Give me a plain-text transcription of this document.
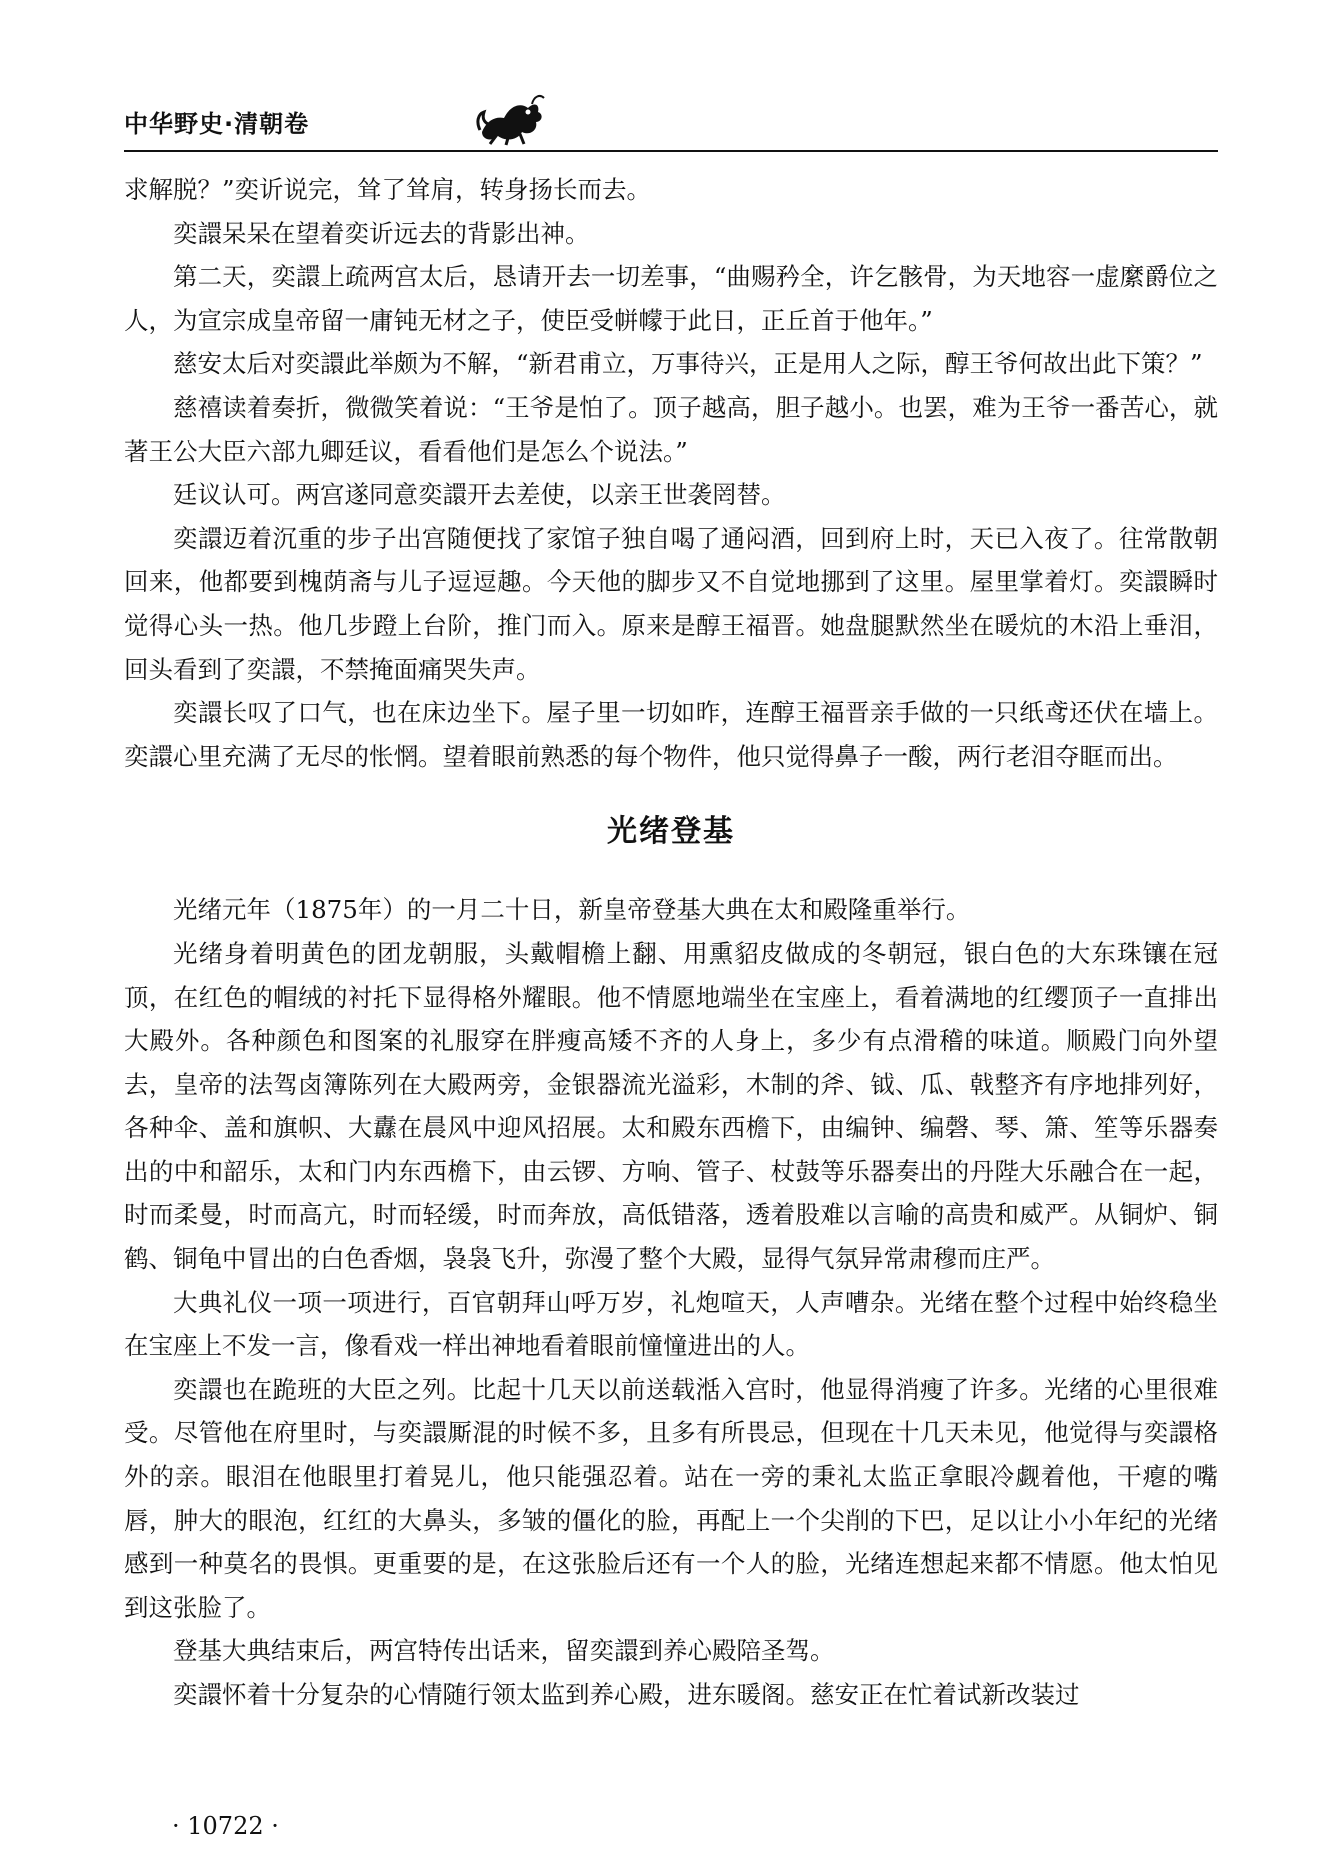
中华野史·清朝卷

求解脱？”奕䜣说完，耸了耸肩，转身扬长而去。

奕譞呆呆在望着奕䜣远去的背影出神。

第二天，奕譞上疏两宫太后，恳请开去一切差事，“曲赐矜全，许乞骸骨，为天地容一虚縻爵位之人，为宣宗成皇帝留一庸钝无材之子，使臣受帡幪于此日，正丘首于他年。”

慈安太后对奕譞此举颇为不解，“新君甫立，万事待兴，正是用人之际，醇王爷何故出此下策？”

慈禧读着奏折，微微笑着说：“王爷是怕了。顶子越高，胆子越小。也罢，难为王爷一番苦心，就著王公大臣六部九卿廷议，看看他们是怎么个说法。”

廷议认可。两宫遂同意奕譞开去差使，以亲王世袭罔替。

奕譞迈着沉重的步子出宫随便找了家馆子独自喝了通闷酒，回到府上时，天已入夜了。往常散朝回来，他都要到槐荫斋与儿子逗逗趣。今天他的脚步又不自觉地挪到了这里。屋里掌着灯。奕譞瞬时觉得心头一热。他几步蹬上台阶，推门而入。原来是醇王福晋。她盘腿默然坐在暖炕的木沿上垂泪，回头看到了奕譞，不禁掩面痛哭失声。

奕譞长叹了口气，也在床边坐下。屋子里一切如昨，连醇王福晋亲手做的一只纸鸢还伏在墙上。奕譞心里充满了无尽的怅惘。望着眼前熟悉的每个物件，他只觉得鼻子一酸，两行老泪夺眶而出。

光绪登基

光绪元年（1875年）的一月二十日，新皇帝登基大典在太和殿隆重举行。

光绪身着明黄色的团龙朝服，头戴帽檐上翻、用熏貂皮做成的冬朝冠，银白色的大东珠镶在冠顶，在红色的帽绒的衬托下显得格外耀眼。他不情愿地端坐在宝座上，看着满地的红缨顶子一直排出大殿外。各种颜色和图案的礼服穿在胖瘦高矮不齐的人身上，多少有点滑稽的味道。顺殿门向外望去，皇帝的法驾卤簿陈列在大殿两旁，金银器流光溢彩，木制的斧、钺、瓜、戟整齐有序地排列好，各种伞、盖和旗帜、大纛在晨风中迎风招展。太和殿东西檐下，由编钟、编磬、琴、箫、笙等乐器奏出的中和韶乐，太和门内东西檐下，由云锣、方响、管子、杖鼓等乐器奏出的丹陛大乐融合在一起，时而柔曼，时而高亢，时而轻缓，时而奔放，高低错落，透着股难以言喻的高贵和威严。从铜炉、铜鹤、铜龟中冒出的白色香烟，袅袅飞升，弥漫了整个大殿，显得气氛异常肃穆而庄严。

大典礼仪一项一项进行，百官朝拜山呼万岁，礼炮喧天，人声嘈杂。光绪在整个过程中始终稳坐在宝座上不发一言，像看戏一样出神地看着眼前憧憧进出的人。

奕譞也在跪班的大臣之列。比起十几天以前送载湉入宫时，他显得消瘦了许多。光绪的心里很难受。尽管他在府里时，与奕譞厮混的时候不多，且多有所畏忌，但现在十几天未见，他觉得与奕譞格外的亲。眼泪在他眼里打着晃儿，他只能强忍着。站在一旁的秉礼太监正拿眼冷觑着他，干瘪的嘴唇，肿大的眼泡，红红的大鼻头，多皱的僵化的脸，再配上一个尖削的下巴，足以让小小年纪的光绪感到一种莫名的畏惧。更重要的是，在这张脸后还有一个人的脸，光绪连想起来都不情愿。他太怕见到这张脸了。

登基大典结束后，两宫特传出话来，留奕譞到养心殿陪圣驾。

奕譞怀着十分复杂的心情随行领太监到养心殿，进东暖阁。慈安正在忙着试新改装过

· 10722 ·
